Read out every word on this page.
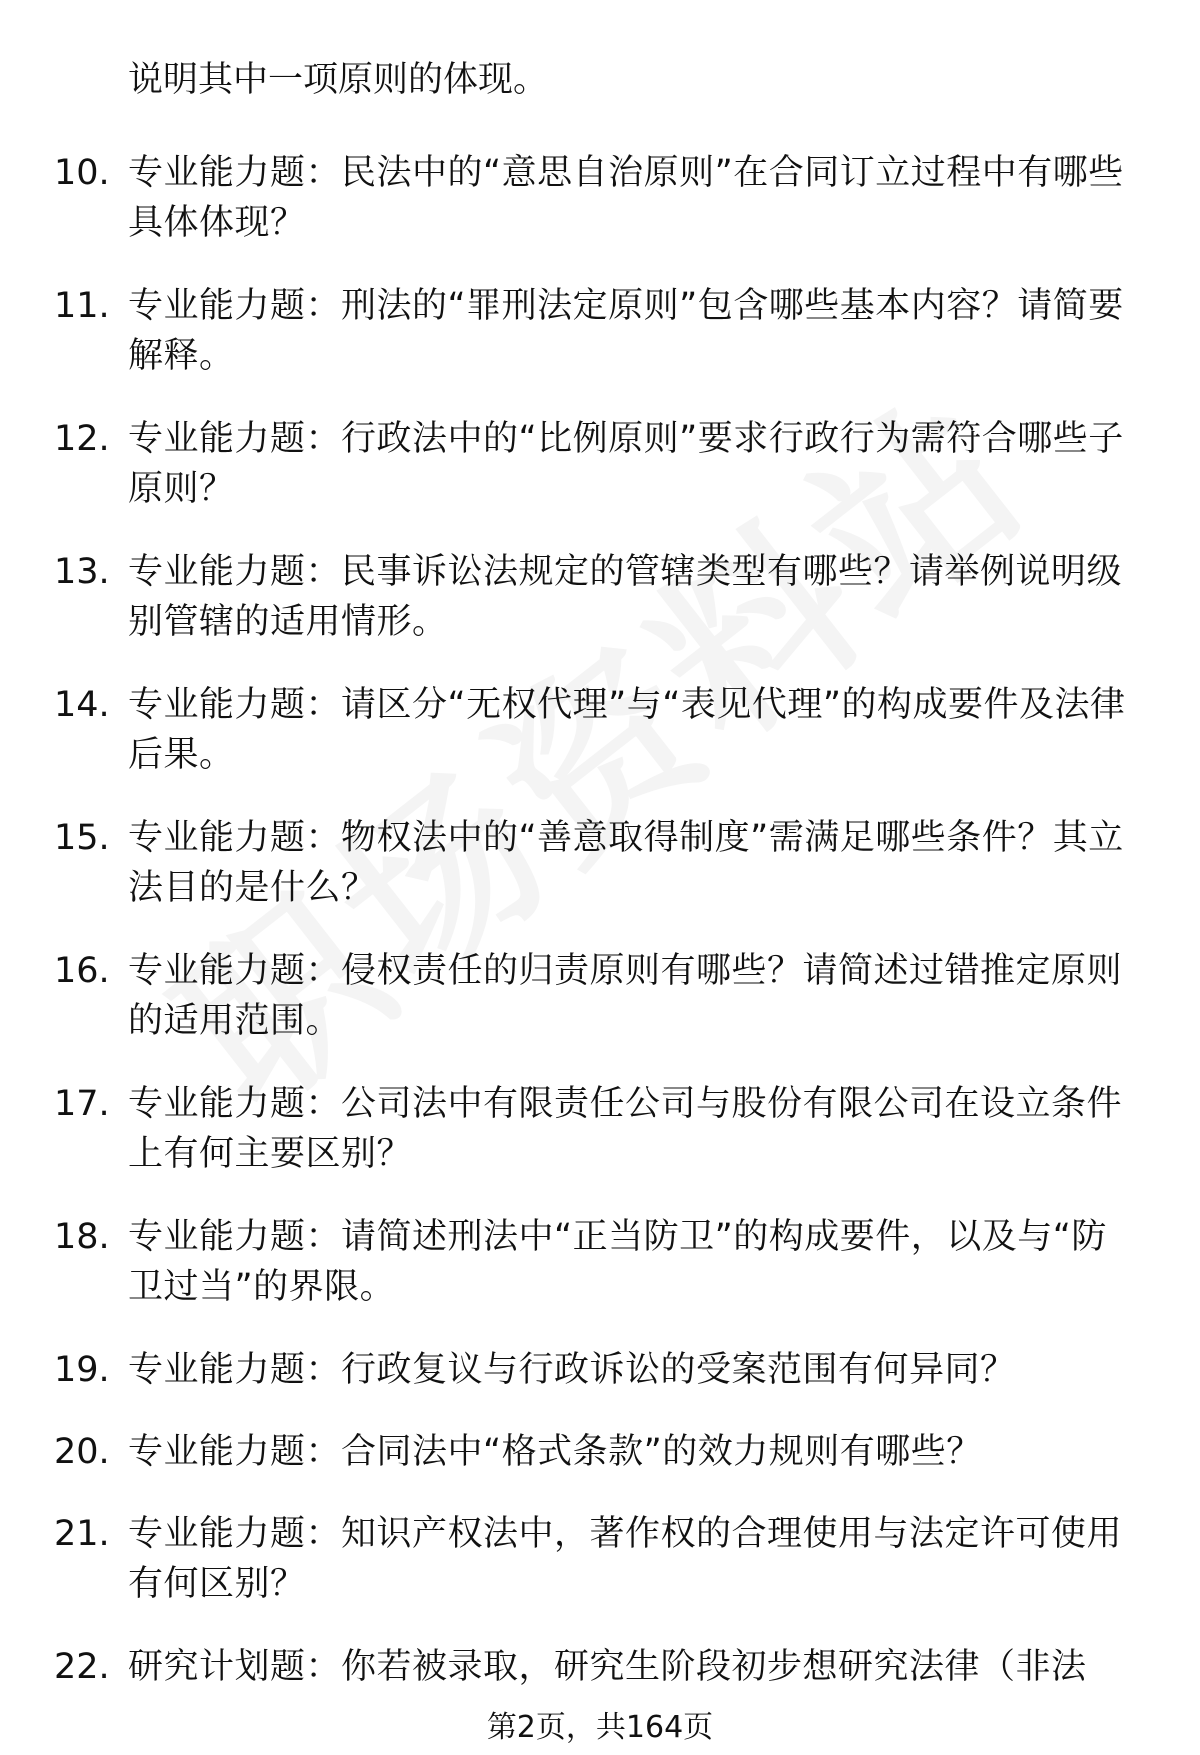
说明其中一项原则的体现。
10. 专业能力题：民法中的“意思自治原则”在合同订立过程中有哪些具体体现？
11. 专业能力题：刑法的“罪刑法定原则”包含哪些基本内容？请简要解释。
12. 专业能力题：行政法中的“比例原则”要求行政行为需符合哪些子原则？
13. 专业能力题：民事诉讼法规定的管辖类型有哪些？请举例说明级别管辖的适用情形。
14. 专业能力题：请区分“无权代理”与“表见代理”的构成要件及法律后果。
15. 专业能力题：物权法中的“善意取得制度”需满足哪些条件？其立法目的是什么？
16. 专业能力题：侵权责任的归责原则有哪些？请简述过错推定原则的适用范围。
17. 专业能力题：公司法中有限责任公司与股份有限公司在设立条件上有何主要区别？
18. 专业能力题：请简述刑法中“正当防卫”的构成要件，以及与“防卫过当”的界限。
19. 专业能力题：行政复议与行政诉讼的受案范围有何异同？
20. 专业能力题：合同法中“格式条款”的效力规则有哪些？
21. 专业能力题：知识产权法中，著作权的合理使用与法定许可使用有何区别？
22. 研究计划题：你若被录取，研究生阶段初步想研究法律（非法
第2页，共164页
